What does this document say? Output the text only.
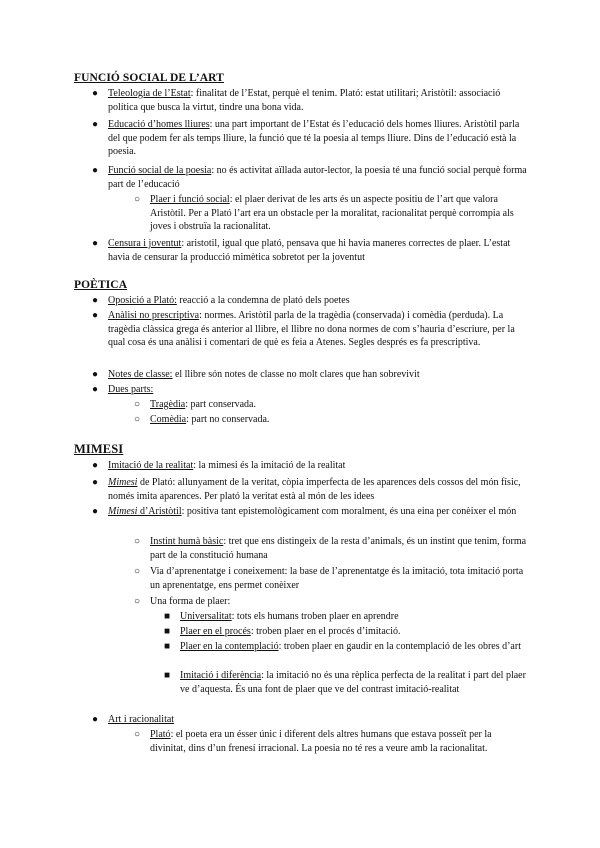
FUNCIÓ SOCIAL DE L’ART
● Teleologia de l’Estat: finalitat de l’Estat, perquè el tenim. Plató: estat utilitari; Aristòtil: associació política que busca la virtut, tindre una bona vida.
● Educació d’homes lliures: una part important de l’Estat és l’educació dels homes lliures. Aristòtil parla del que podem fer als temps lliure, la funció que té la poesia al temps lliure. Dins de l’educació està la poesia.
● Funció social de la poesia: no és activitat aïllada autor-lector, la poesia té una funció social perquè forma part de l’educació
○ Plaer i funció social: el plaer derivat de les arts és un aspecte positiu de l’art que valora Aristòtil. Per a Plató l’art era un obstacle per la moralitat, racionalitat perquè corrompia als joves i obstruïa la racionalitat.
● Censura i joventut: aristotil, igual que plató, pensava que hi havia maneres correctes de plaer. L’estat havia de censurar la producció mimètica sobretot per la joventut
POÈTICA
● Oposició a Plató: reacció a la condemna de plató dels poetes
● Anàlisi no prescriptiva: normes. Aristòtil parla de la tragèdia (conservada) i comèdia (perduda). La tragèdia clàssica grega és anterior al llibre, el llibre no dona normes de com s’hauria d’escriure, per la qual cosa és una anàlisi i comentari de què es feia a Atenes. Segles després es fa prescriptiva.
● Notes de classe: el llibre són notes de classe no molt clares que han sobrevivit
● Dues parts:
○ Tragèdia: part conservada.
○ Comèdia: part no conservada.
MIMESI
● Imitació de la realitat: la mimesi és la imitació de la realitat
● Mimesi de Plató: allunyament de la veritat, còpia imperfecta de les aparences dels cossos del món físic, només imita aparences. Per plató la veritat està al món de les idees
● Mimesi d’Aristòtil: positiva tant epistemològicament com moralment, és una eina per conèixer el món
○ Instint humà bàsic: tret que ens distingeix de la resta d’animals, és un instint que tenim, forma part de la constitució humana
○ Via d’aprenentatge i coneixement: la base de l’aprenentatge és la imitació, tota imitació porta un aprenentatge, ens permet conèixer
○ Una forma de plaer:
■ Universalitat: tots els humans troben plaer en aprendre
■ Plaer en el procés: troben plaer en el procés d’imitació.
■ Plaer en la contemplació: troben plaer en gaudir en la contemplació de les obres d’art
■ Imitació i diferència: la imitació no és una rèplica perfecta de la realitat i part del plaer ve d’aquesta. És una font de plaer que ve del contrast imitació-realitat
● Art i racionalitat
○ Plató: el poeta era un ésser únic i diferent dels altres humans que estava posseït per la divinitat, dins d’un frenesí irracional. La poesia no té res a veure amb la racionalitat.
